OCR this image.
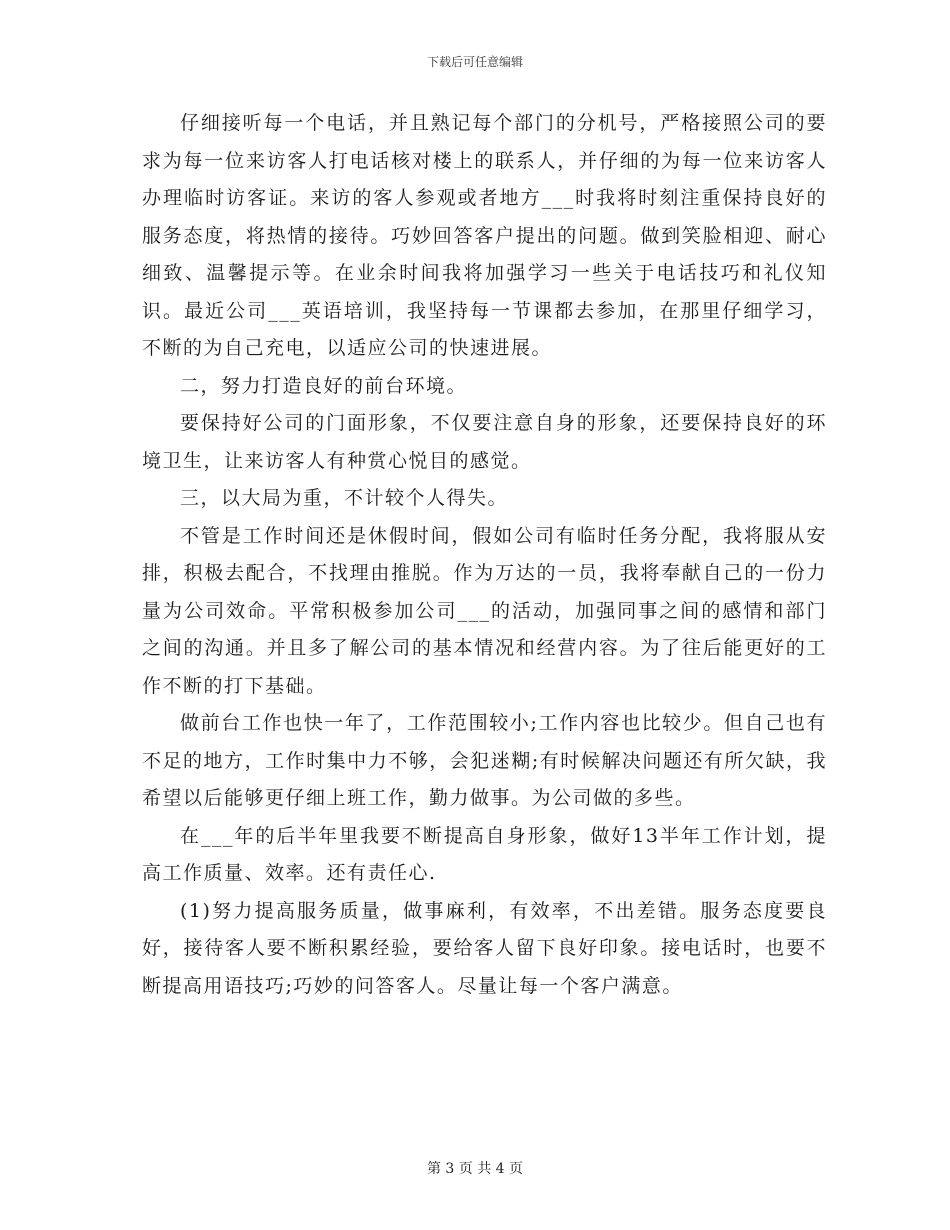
下载后可任意编辑

仔细接听每一个电话，并且熟记每个部门的分机号，严格接照公司的要求为每一位来访客人打电话核对楼上的联系人，并仔细的为每一位来访客人办理临时访客证。来访的客人参观或者地方___时我将时刻注重保持良好的服务态度，将热情的接待。巧妙回答客户提出的问题。做到笑脸相迎、耐心细致、温馨提示等。在业余时间我将加强学习一些关于电话技巧和礼仪知识。最近公司___英语培训，我坚持每一节课都去参加，在那里仔细学习，不断的为自己充电，以适应公司的快速进展。

二，努力打造良好的前台环境。

要保持好公司的门面形象，不仅要注意自身的形象，还要保持良好的环境卫生，让来访客人有种赏心悦目的感觉。

三，以大局为重，不计较个人得失。

不管是工作时间还是休假时间，假如公司有临时任务分配，我将服从安排，积极去配合，不找理由推脱。作为万达的一员，我将奉献自己的一份力量为公司效命。平常积极参加公司___的活动，加强同事之间的感情和部门之间的沟通。并且多了解公司的基本情况和经营内容。为了往后能更好的工作不断的打下基础。

做前台工作也快一年了，工作范围较小;工作内容也比较少。但自己也有不足的地方，工作时集中力不够，会犯迷糊;有时候解决问题还有所欠缺，我希望以后能够更仔细上班工作，勤力做事。为公司做的多些。

在___年的后半年里我要不断提高自身形象，做好13半年工作计划，提高工作质量、效率。还有责任心.

(1)努力提高服务质量，做事麻利，有效率，不出差错。服务态度要良好，接待客人要不断积累经验，要给客人留下良好印象。接电话时，也要不断提高用语技巧;巧妙的问答客人。尽量让每一个客户满意。

第 3 页 共 4 页
